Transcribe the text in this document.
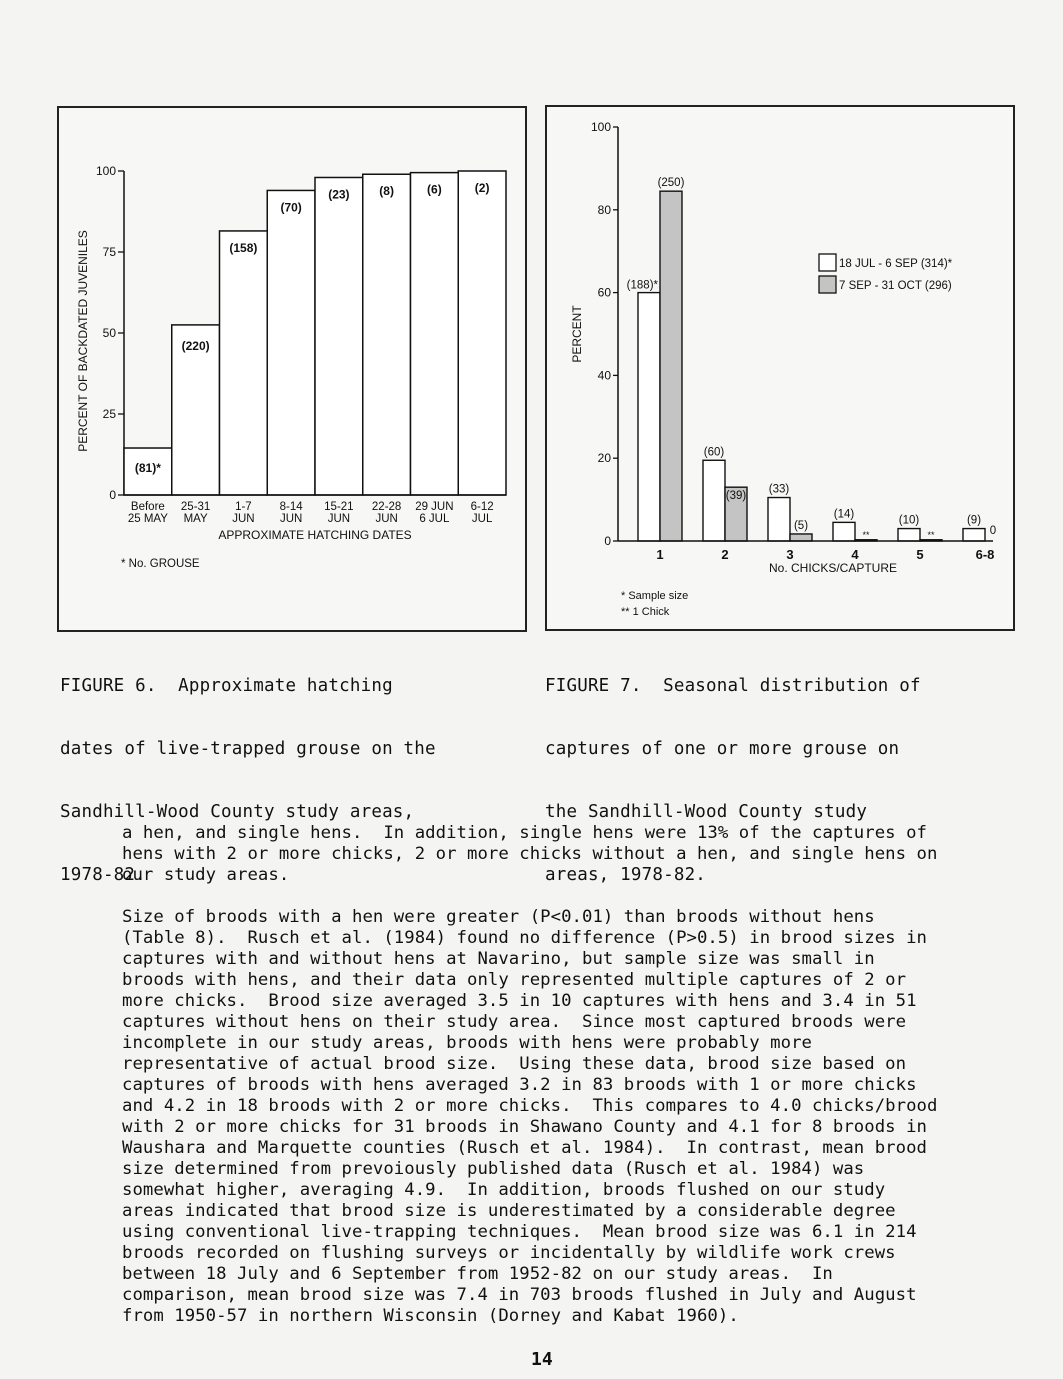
PERCENT OF BACKDATED JUVENILES
0
25
50
75
100
(81)*
Before
25 MAY
(220)
25-31
MAY
(158)
1-7
JUN
(70)
8-14
JUN
(23)
15-21
JUN
(8)
22-28
JUN
(6)
29 JUN
6 JUL
(2)
6-12
JUL
APPROXIMATE HATCHING DATES
* No. GROUSE
PERCENT
0
20
40
60
80
100
(188)*
(250)
1
(60)
(39)
2
(33)
(5)
3
(14)
**
4
(10)
**
5
(9)
0
6-8
No. CHICKS/CAPTURE
18 JUL - 6 SEP (314)*
7 SEP - 31 OCT (296)
* Sample size
** 1 Chick

FIGURE 6.  Approximate hatching

dates of live-trapped grouse on the

Sandhill-Wood County study areas,

1978-82.

FIGURE 7.  Seasonal distribution of

captures of one or more grouse on

the Sandhill-Wood County study

areas, 1978-82.

a hen, and single hens.  In addition, single hens were 13% of the captures of

hens with 2 or more chicks, 2 or more chicks without a hen, and single hens on

our study areas.

Size of broods with a hen were greater (P<0.01) than broods without hens

(Table 8).  Rusch et al. (1984) found no difference (P>0.5) in brood sizes in

captures with and without hens at Navarino, but sample size was small in

broods with hens, and their data only represented multiple captures of 2 or

more chicks.  Brood size averaged 3.5 in 10 captures with hens and 3.4 in 51

captures without hens on their study area.  Since most captured broods were

incomplete in our study areas, broods with hens were probably more

representative of actual brood size.  Using these data, brood size based on

captures of broods with hens averaged 3.2 in 83 broods with 1 or more chicks

and 4.2 in 18 broods with 2 or more chicks.  This compares to 4.0 chicks/brood

with 2 or more chicks for 31 broods in Shawano County and 4.1 for 8 broods in

Waushara and Marquette counties (Rusch et al. 1984).  In contrast, mean brood

size determined from prevoiously published data (Rusch et al. 1984) was

somewhat higher, averaging 4.9.  In addition, broods flushed on our study

areas indicated that brood size is underestimated by a considerable degree

using conventional live-trapping techniques.  Mean brood size was 6.1 in 214

broods recorded on flushing surveys or incidentally by wildlife work crews

between 18 July and 6 September from 1952-82 on our study areas.  In

comparison, mean brood size was 7.4 in 703 broods flushed in July and August

from 1950-57 in northern Wisconsin (Dorney and Kabat 1960).

14
